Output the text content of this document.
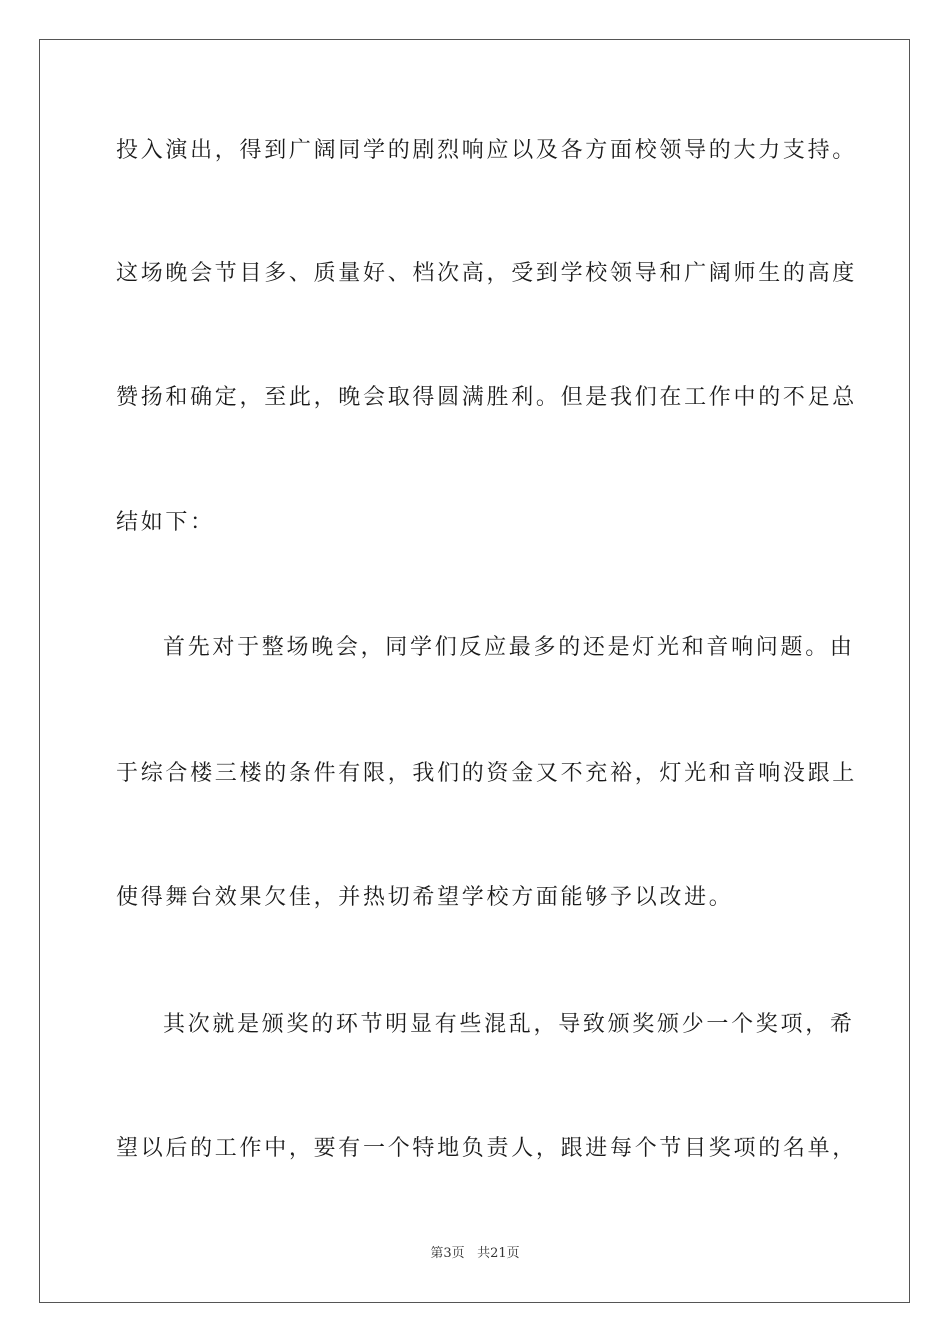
投入演出，得到广阔同学的剧烈响应以及各方面校领导的大力支持。
这场晚会节目多、质量好、档次高，受到学校领导和广阔师生的高度
赞扬和确定，至此，晚会取得圆满胜利。但是我们在工作中的不足总
结如下：
首先对于整场晚会，同学们反应最多的还是灯光和音响问题。由
于综合楼三楼的条件有限，我们的资金又不充裕，灯光和音响没跟上
使得舞台效果欠佳，并热切希望学校方面能够予以改进。
其次就是颁奖的环节明显有些混乱，导致颁奖颁少一个奖项，希
望以后的工作中，要有一个特地负责人，跟进每个节目奖项的名单，
第3页 共21页
